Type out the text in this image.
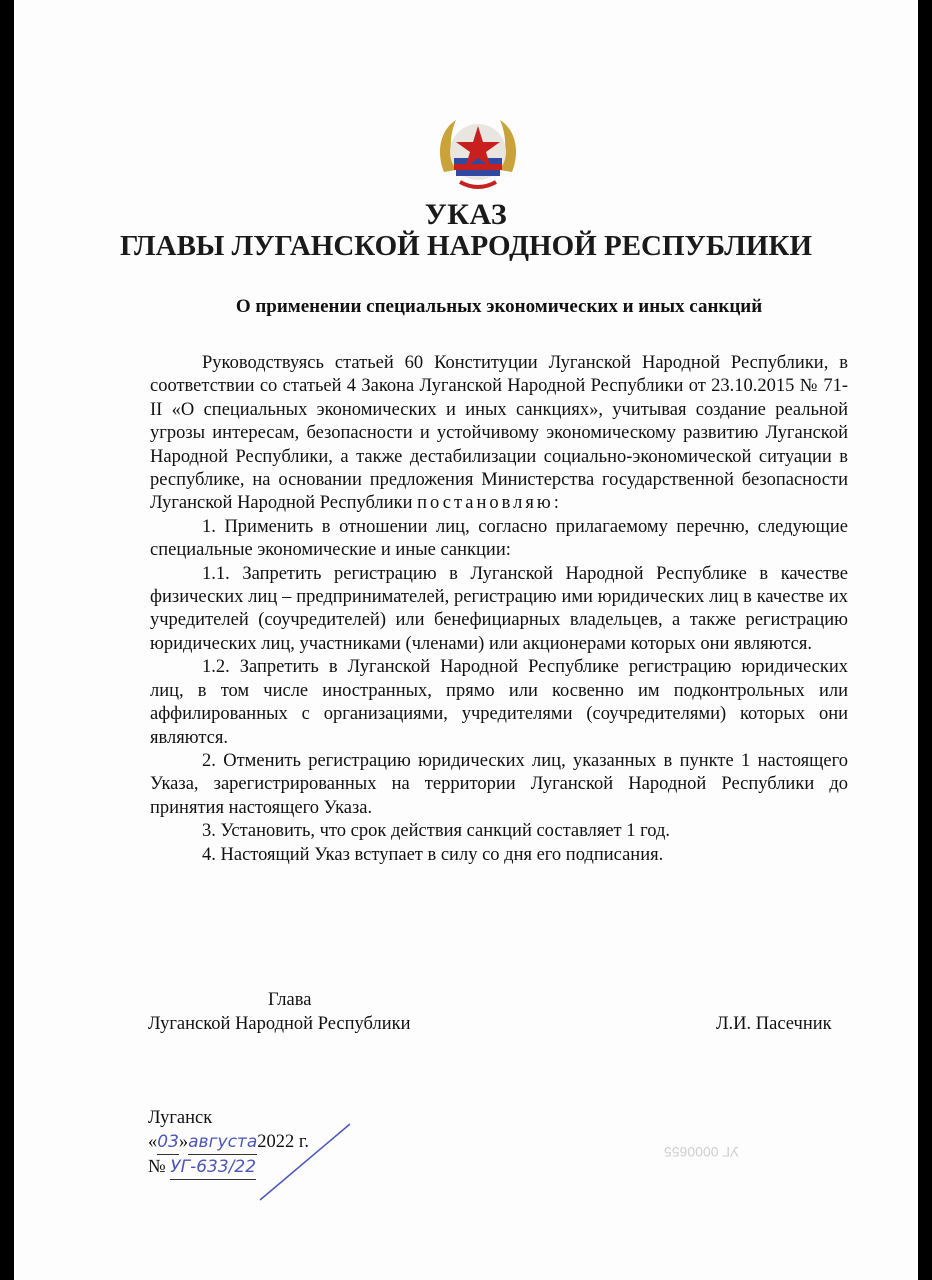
УКАЗ
ГЛАВЫ ЛУГАНСКОЙ НАРОДНОЙ РЕСПУБЛИКИ
О применении специальных экономических и иных санкций

Руководствуясь статьей 60 Конституции Луганской Народной Республики, в соответствии со статьей 4 Закона Луганской Народной Республики от 23.10.2015 № 71-II «О специальных экономических и иных санкциях», учитывая создание реальной угрозы интересам, безопасности и устойчивому экономическому развитию Луганской Народной Республики, а также дестабилизации социально-экономической ситуации в республике, на основании предложения Министерства государственной безопасности Луганской Народной Республики постановляю:

1. Применить в отношении лиц, согласно прилагаемому перечню, следующие специальные экономические и иные санкции:

1.1. Запретить регистрацию в Луганской Народной Республике в качестве физических лиц – предпринимателей, регистрацию ими юридических лиц в качестве их учредителей (соучредителей) или бенефициарных владельцев, а также регистрацию юридических лиц, участниками (членами) или акционерами которых они являются.

1.2. Запретить в Луганской Народной Республике регистрацию юридических лиц, в том числе иностранных, прямо или косвенно им подконтрольных или аффилированных с организациями, учредителями (соучредителями) которых они являются.

2. Отменить регистрацию юридических лиц, указанных в пункте 1 настоящего Указа, зарегистрированных на территории Луганской Народной Республики до принятия настоящего Указа.

3. Установить, что срок действия санкций составляет 1 год.

4. Настоящий Указ вступает в силу со дня его подписания.

Глава
Луганской Народной Республики	Л.И. Пасечник
Луганск
«03»августа2022 г.
№ УГ-633/22
УГ 0000655
